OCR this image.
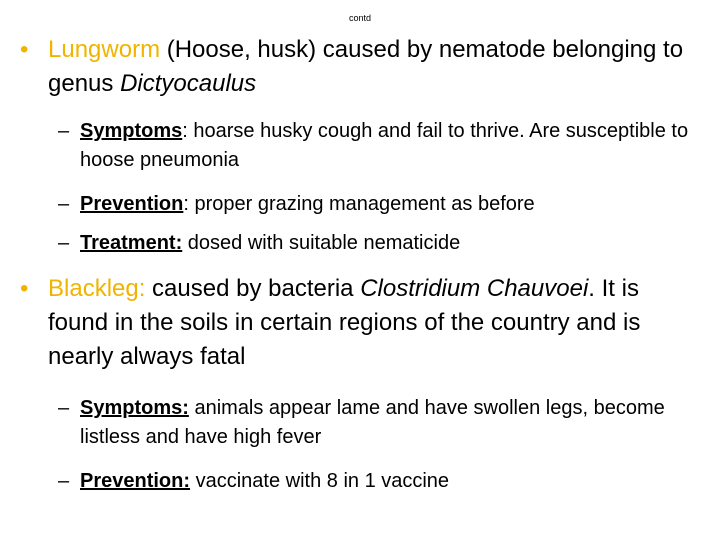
contd
• Lungworm (Hoose, husk) caused by nematode belonging to genus Dictyocaulus
– Symptoms: hoarse husky cough and fail to thrive. Are susceptible to hoose pneumonia
– Prevention: proper grazing management as before
– Treatment: dosed with suitable nematicide
• Blackleg: caused by bacteria Clostridium Chauvoei. It is found in the soils in certain regions of the country and is nearly always fatal
– Symptoms: animals appear lame and have swollen legs, become listless and have high fever
– Prevention: vaccinate with 8 in 1 vaccine
